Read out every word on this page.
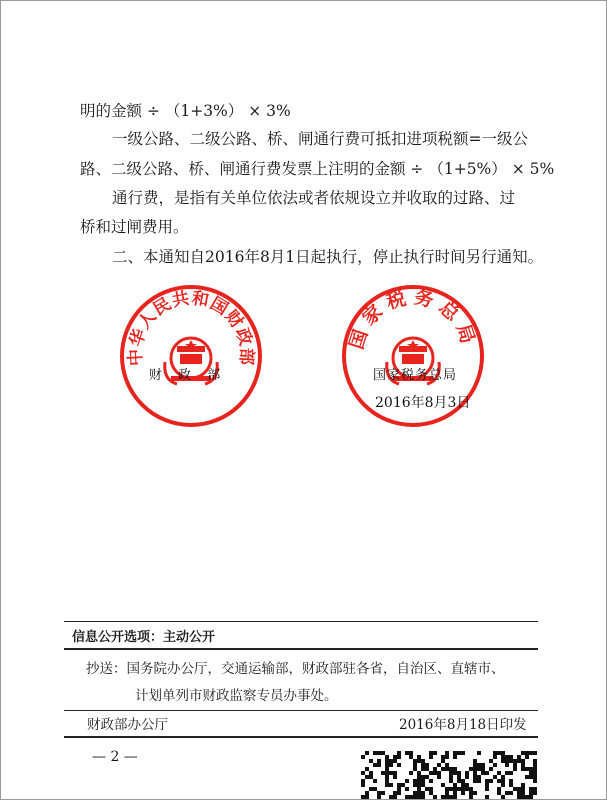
明的金额 ÷ （1+3%） × 3%
一级公路、二级公路、桥、闸通行费可抵扣进项税额=一级公
路、二级公路、桥、闸通行费发票上注明的金额 ÷ （1+5%） × 5%
通行费，是指有关单位依法或者依规设立并收取的过路、过
桥和过闸费用。
二、本通知自2016年8月1日起执行，停止执行时间另行通知。
中华人民共和国财政部
财 政 部
国家税务总局
国家税务总局
2016年8月3日
信息公开选项：主动公开
抄送：国务院办公厅，交通运输部，财政部驻各省，自治区、直辖市、
计划单列市财政监察专员办事处。
财政部办公厅	2016年8月18日印发
— 2 —
